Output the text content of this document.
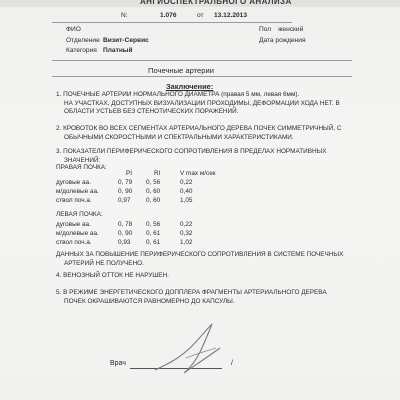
АНГИОСПЕКТРАЛЬНОГО АНАЛИЗА
N:	1.076	от 13.12.2013
ФИО	Пол женский
Отделение Визит-Сервис	Дата рождения
Категория Платный
Почечные артерии
Заключение:
1. ПОЧЕЧНЫЕ АРТЕРИИ НОРМАЛЬНОГО ДИАМЕТРА (правая 5 мм, левая 6мм).
НА УЧАСТКАХ, ДОСТУПНЫХ ВИЗУАЛИЗАЦИИ ПРОХОДИМЫ, ДЕФОРМАЦИИ ХОДА НЕТ. В
ОБЛАСТИ УСТЬЕВ БЕЗ СТЕНОТИЧЕСКИХ ПОРАЖЕНИЙ.
2. КРОВОТОК ВО ВСЕХ СЕГМЕНТАХ АРТЕРИАЛЬНОГО ДЕРЕВА ПОЧЕК СИММЕТРИЧНЫЙ, С
ОБЫЧНЫМИ СКОРОСТНЫМИ И СПЕКТРАЛЬНЫМИ ХАРАКТЕРИСТИКАМИ.
3. ПОКАЗАТЕЛИ ПЕРИФЕРИЧЕСКОГО СОПРОТИВЛЕНИЯ В ПРЕДЕЛАХ НОРМАТИВНЫХ
ЗНАЧЕНИЙ:
ПРАВАЯ ПОЧКА:
PI	RI	V max м/сек
дуговые аа.	0, 79 0, 56	0,22
м/долевые аа.	0, 90 0, 60	0,40
ствол поч.а.	0,97 0, 60	1,05
ЛЕВАЯ ПОЧКА:
дуговые аа.	0, 78 0, 56	0,22
м/долевые аа.	0, 90 0, 61	0,32
ствол поч.а.	0,93 0, 61	1,02
ДАННЫХ ЗА ПОВЫШЕНИЕ ПЕРИФЕРИЧЕСКОГО СОПРОТИВЛЕНИЯ В СИСТЕМЕ ПОЧЕЧНЫХ
АРТЕРИЙ НЕ ПОЛУЧЕНО.
4. ВЕНОЗНЫЙ ОТТОК НЕ НАРУШЕН.
5. В РЕЖИМЕ ЭНЕРГЕТИЧЕСКОГО ДОППЛЕРА ФРАГМЕНТЫ АРТЕРИАЛЬНОГО ДЕРЕВА
ПОЧЕК ОКРАШИВАЮТСЯ РАВНОМЕРНО ДО КАПСУЛЫ.
Врач	/
